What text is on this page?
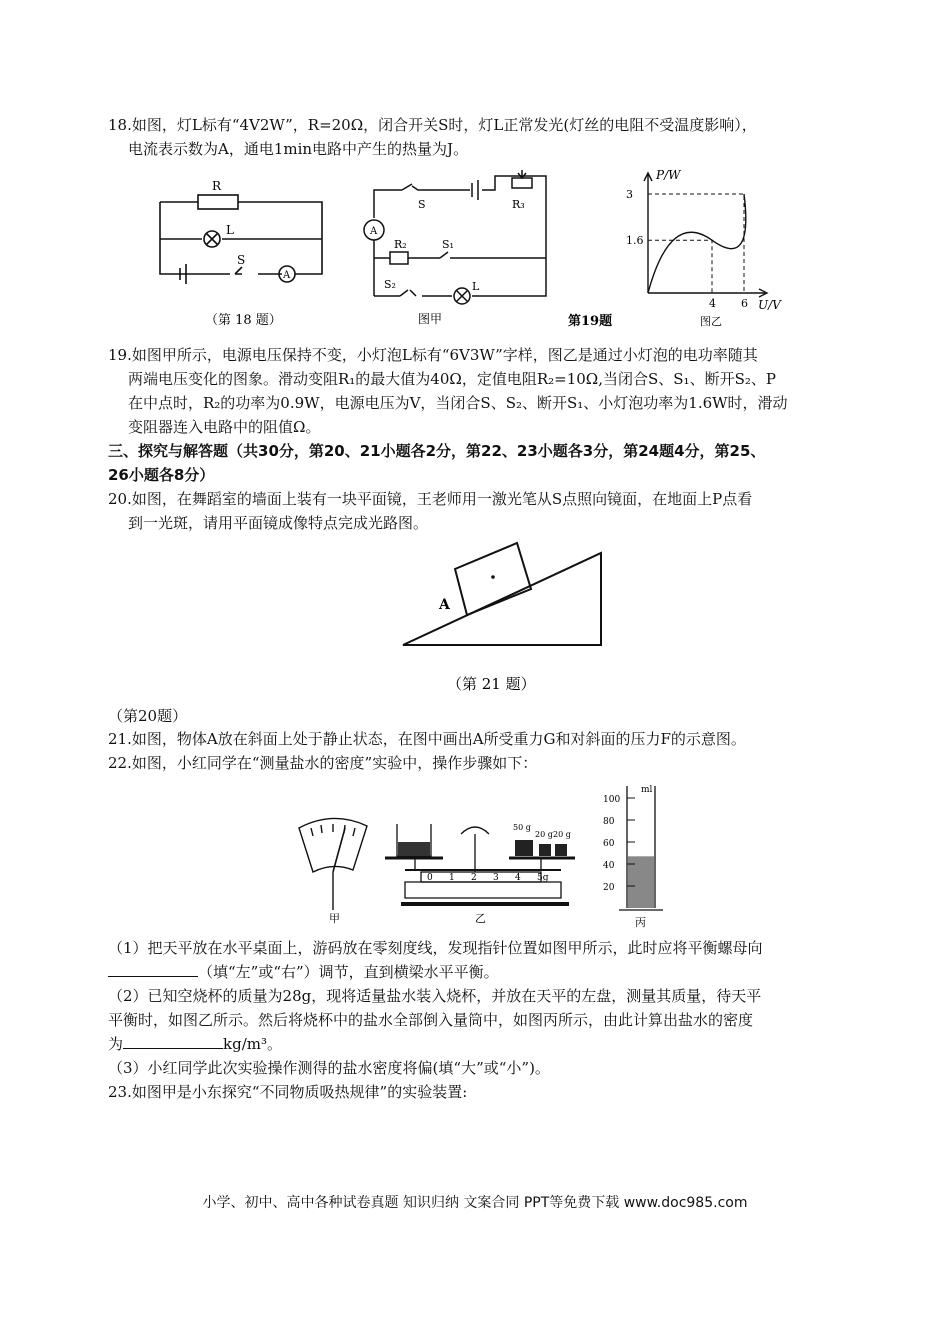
18.如图，灯L标有“4V2W”，R=20Ω，闭合开关S时，灯L正常发光(灯丝的电阻不受温度影响），

电流表示数为A，通电1min电路中产生的热量为J。

R
L
S
A
（第 18 题）
A
S	R₃
R₂	S₁
S₂	L
图甲
1.6
3
4 6
P/W
U/V
图乙
第19题

19.如图甲所示，电源电压保持不变，小灯泡L标有“6V3W”字样，图乙是通过小灯泡的电功率随其

两端电压变化的图象。滑动变阻R₁的最大值为40Ω，定值电阻R₂=10Ω,当闭合S、S₁、断开S₂、P

在中点时，R₂的功率为0.9W，电源电压为V，当闭合S、S₂、断开S₁、小灯泡功率为1.6W时，滑动

变阻器连入电路中的阻值Ω。

三、探究与解答题（共30分，第20、21小题各2分，第22、23小题各3分，第24题4分，第25、

26小题各8分）

20.如图，在舞蹈室的墙面上装有一块平面镜，王老师用一激光笔从S点照向镜面，在地面上P点看

到一光斑，请用平面镜成像特点完成光路图。

A
（第 21 题）

（第20题）

21.如图，物体A放在斜面上处于静止状态，在图中画出A所受重力G和对斜面的压力F的示意图。

22.如图，小红同学在“测量盐水的密度”实验中，操作步骤如下：

甲
0 1 2 3 4 5g
50 g
20 g 20 g
乙
100
80
60
40
20
ml
丙

（1）把天平放在水平桌面上，游码放在零刻度线，发现指针位置如图甲所示，此时应将平衡螺母向

（填“左”或“右”）调节，直到横梁水平平衡。

（2）已知空烧杯的质量为28g，现将适量盐水装入烧杯，并放在天平的左盘，测量其质量，待天平

平衡时，如图乙所示。然后将烧杯中的盐水全部倒入量筒中，如图丙所示，由此计算出盐水的密度

为	kg/m³。

（3）小红同学此次实验操作测得的盐水密度将偏(填“大”或“小”)。

23.如图甲是小东探究“不同物质吸热规律”的实验装置:

小学、初中、高中各种试卷真题 知识归纳 文案合同 PPT等免费下载 www.doc985.com
